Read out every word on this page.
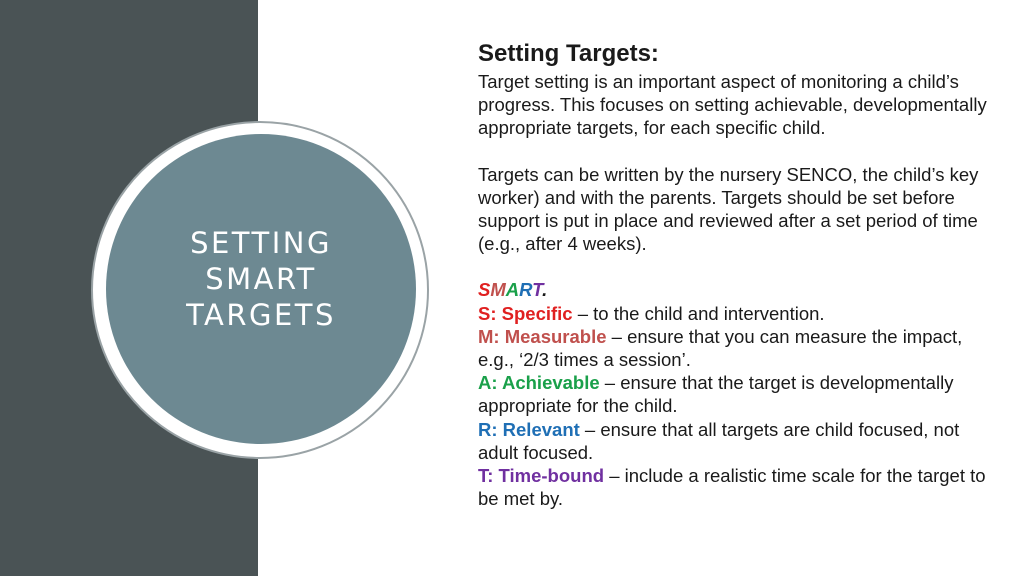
SETTING
SMART
TARGETS

Setting Targets:

Target setting is an important aspect of monitoring a child’s progress. This focuses on setting achievable, developmentally appropriate targets, for each specific child.

Targets can be written by the nursery SENCO, the child’s key worker) and with the parents. Targets should be set before support is put in place and reviewed after a set period of time (e.g., after 4 weeks).

SMART.

S: Specific – to the child and intervention.

M: Measurable – ensure that you can measure the impact, e.g., ‘2/3 times a session’.

A: Achievable – ensure that the target is developmentally appropriate for the child.

R: Relevant – ensure that all targets are child focused, not adult focused.

T: Time-bound – include a realistic time scale for the target to be met by.
